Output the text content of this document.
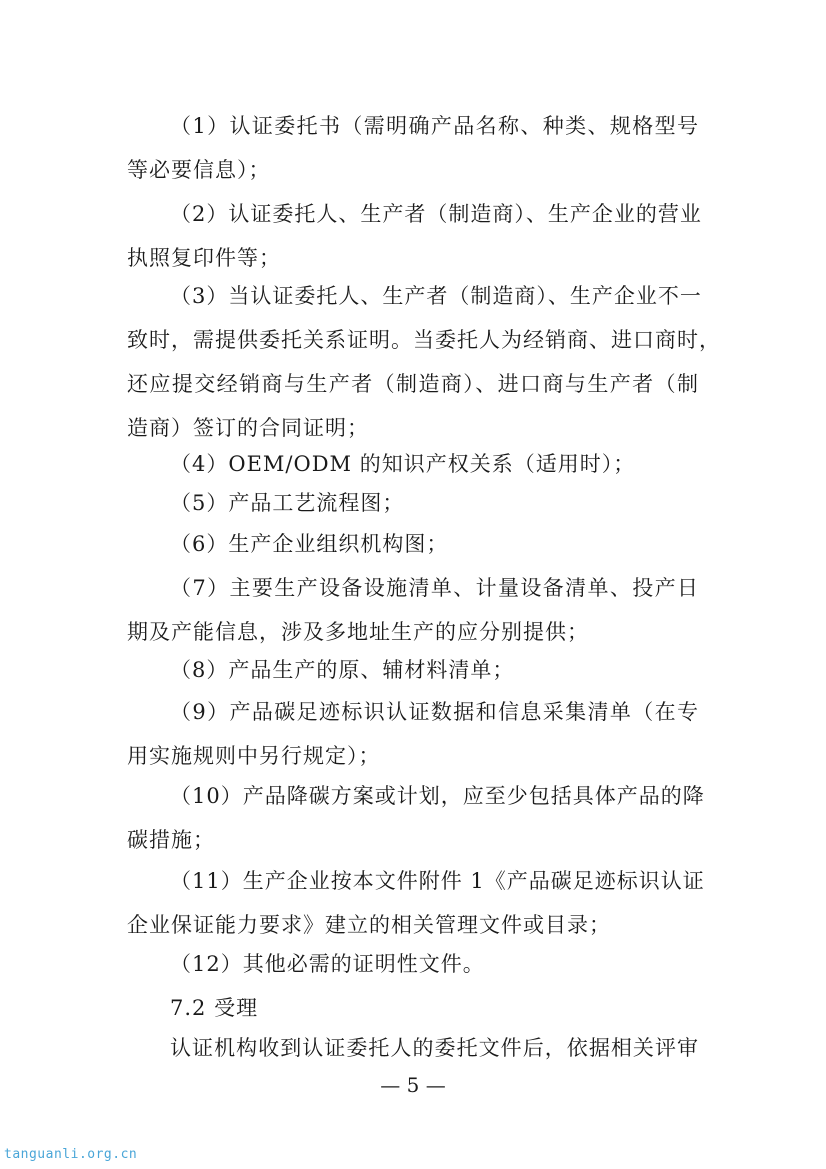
（1）认证委托书（需明确产品名称、种类、规格型号
等必要信息）；

（2）认证委托人、生产者（制造商）、生产企业的营业
执照复印件等；

（3）当认证委托人、生产者（制造商）、生产企业不一
致时，需提供委托关系证明。当委托人为经销商、进口商时，
还应提交经销商与生产者（制造商）、进口商与生产者（制
造商）签订的合同证明；

（4）OEM/ODM 的知识产权关系（适用时）；

（5）产品工艺流程图；

（6）生产企业组织机构图；

（7）主要生产设备设施清单、计量设备清单、投产日
期及产能信息，涉及多地址生产的应分别提供；

（8）产品生产的原、辅材料清单；

（9）产品碳足迹标识认证数据和信息采集清单（在专
用实施规则中另行规定）；

（10）产品降碳方案或计划，应至少包括具体产品的降
碳措施；

（11）生产企业按本文件附件 1《产品碳足迹标识认证
企业保证能力要求》建立的相关管理文件或目录；

（12）其他必需的证明性文件。

7.2 受理

认证机构收到认证委托人的委托文件后，依据相关评审

— 5 —
tanguanli.org.cn
